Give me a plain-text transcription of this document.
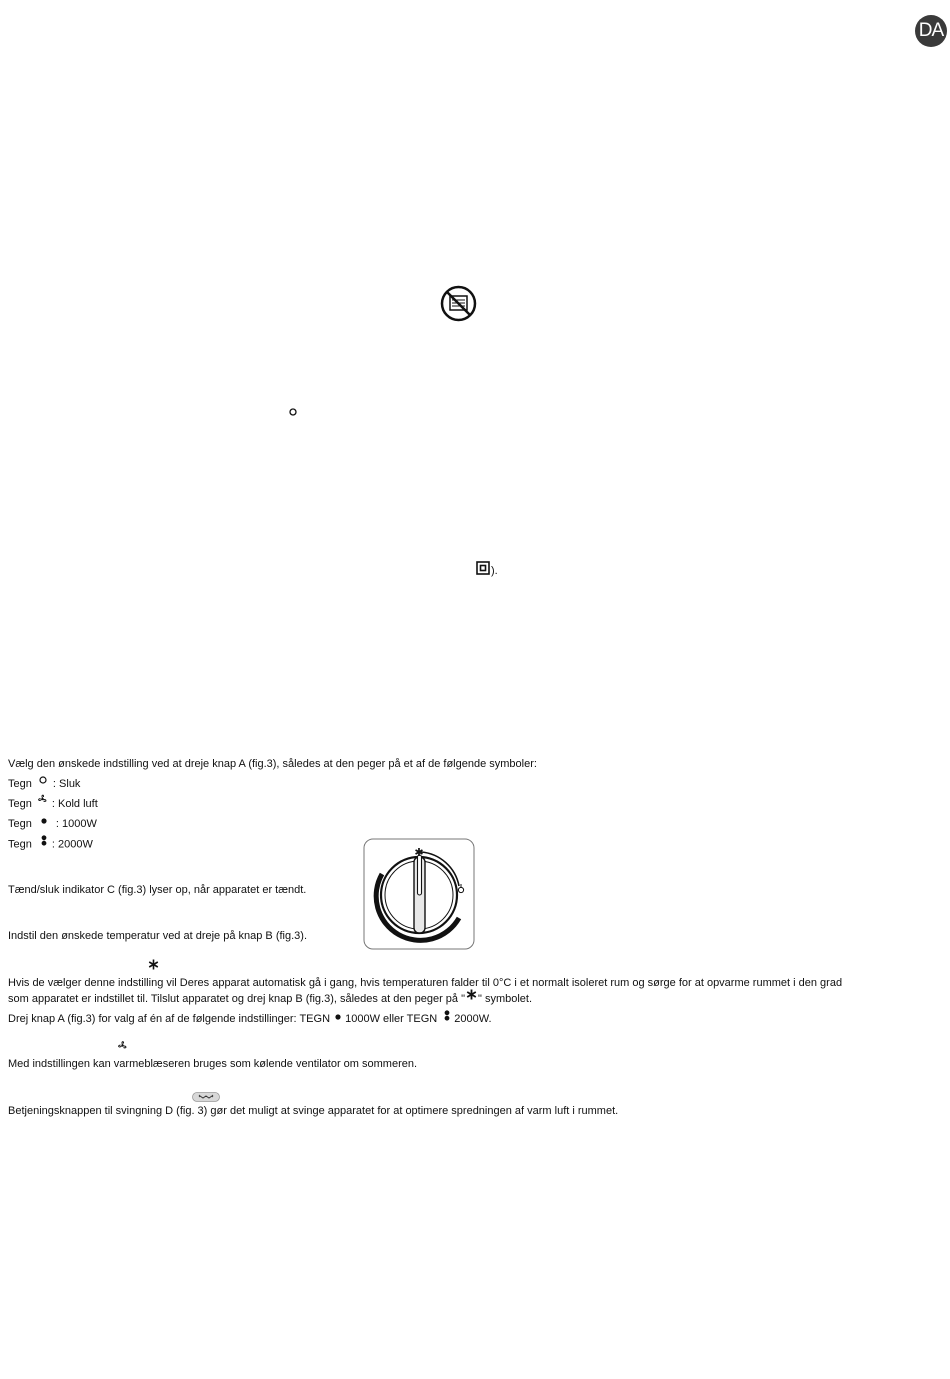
DA
).
Vælg den ønskede indstilling ved at dreje knap A (fig.3), således at den peger på et af de følgende symboler:
Tegn : Sluk
Tegn : Kold luft
Tegn : 1000W
Tegn : 2000W
Tænd/sluk indikator C (fig.3) lyser op, når apparatet er tændt.
Indstil den ønskede temperatur ved at dreje på knap B (fig.3).
✱
Hvis de vælger denne indstilling vil Deres apparat automatisk gå i gang, hvis temperaturen falder til 0°C i et normalt isoleret rum og sørge for at opvarme rummet i den grad
som apparatet er indstillet til. Tilslut apparatet og drej knap B (fig.3), således at den peger på " " symbolet.
Drej knap A (fig.3) for valg af én af de følgende indstillinger: TEGN 1000W eller TEGN 2000W.
Med indstillingen kan varmeblæseren bruges som kølende ventilator om sommeren.
Betjeningsknappen til svingning D (fig. 3) gør det muligt at svinge apparatet for at optimere spredningen af varm luft i rummet.
